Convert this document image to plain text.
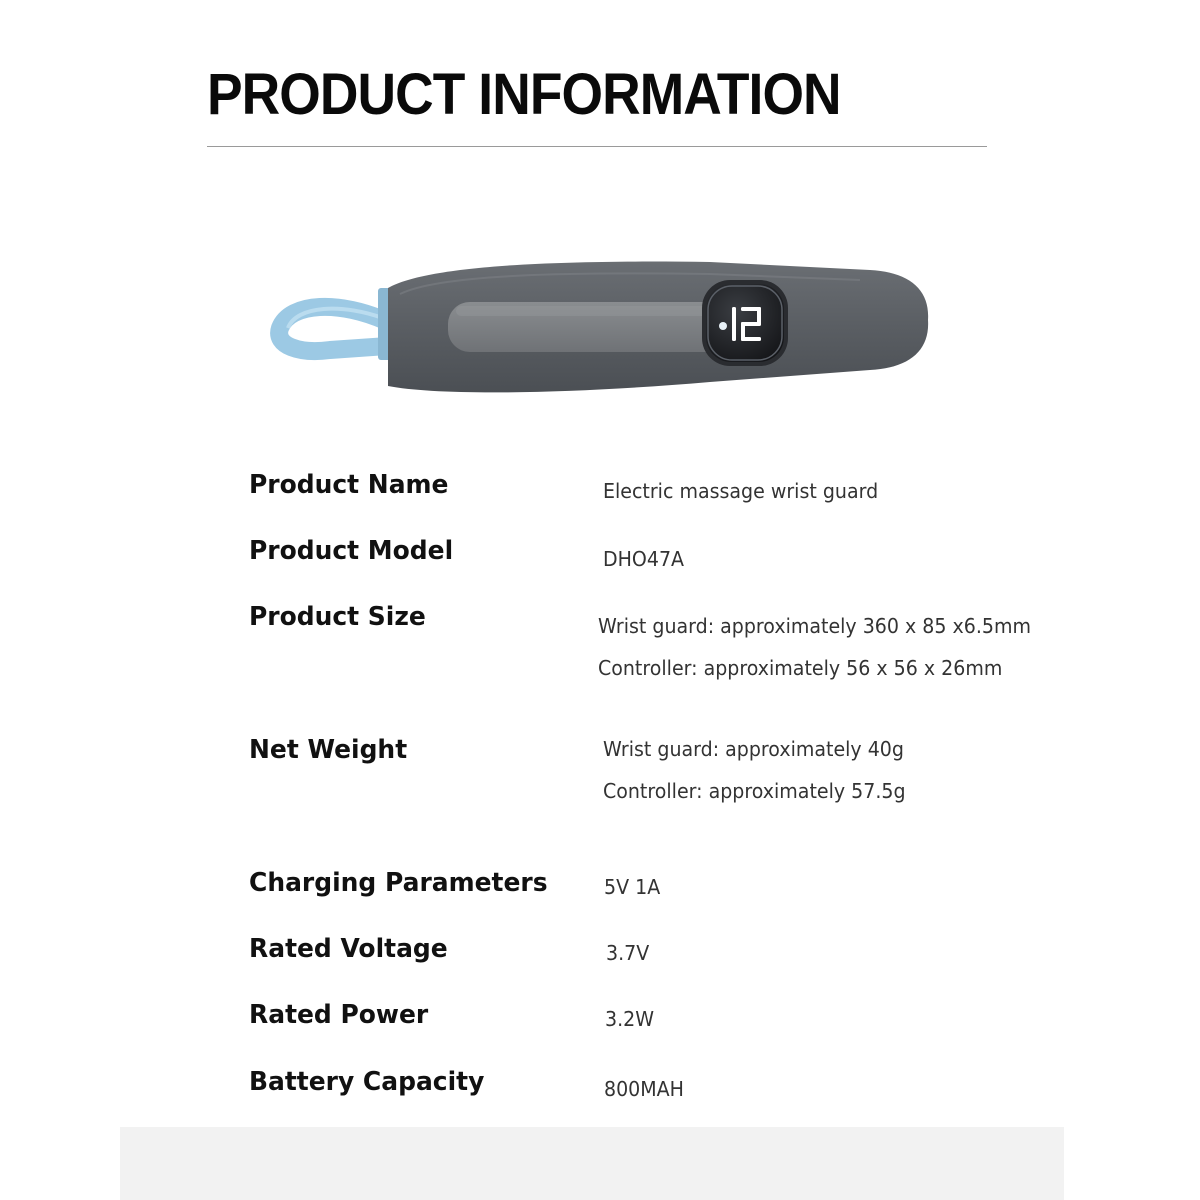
PRODUCT INFORMATION
Product Name	Electric massage wrist guard
Product Model	DHO47A
Product Size	Wrist guard: approximately 360 x 85 x6.5mm
Controller: approximately 56 x 56 x 26mm
Net Weight	Wrist guard: approximately 40g
Controller: approximately 57.5g
Charging Parameters	5V 1A
Rated Voltage	3.7V
Rated Power	3.2W
Battery Capacity	800MAH
